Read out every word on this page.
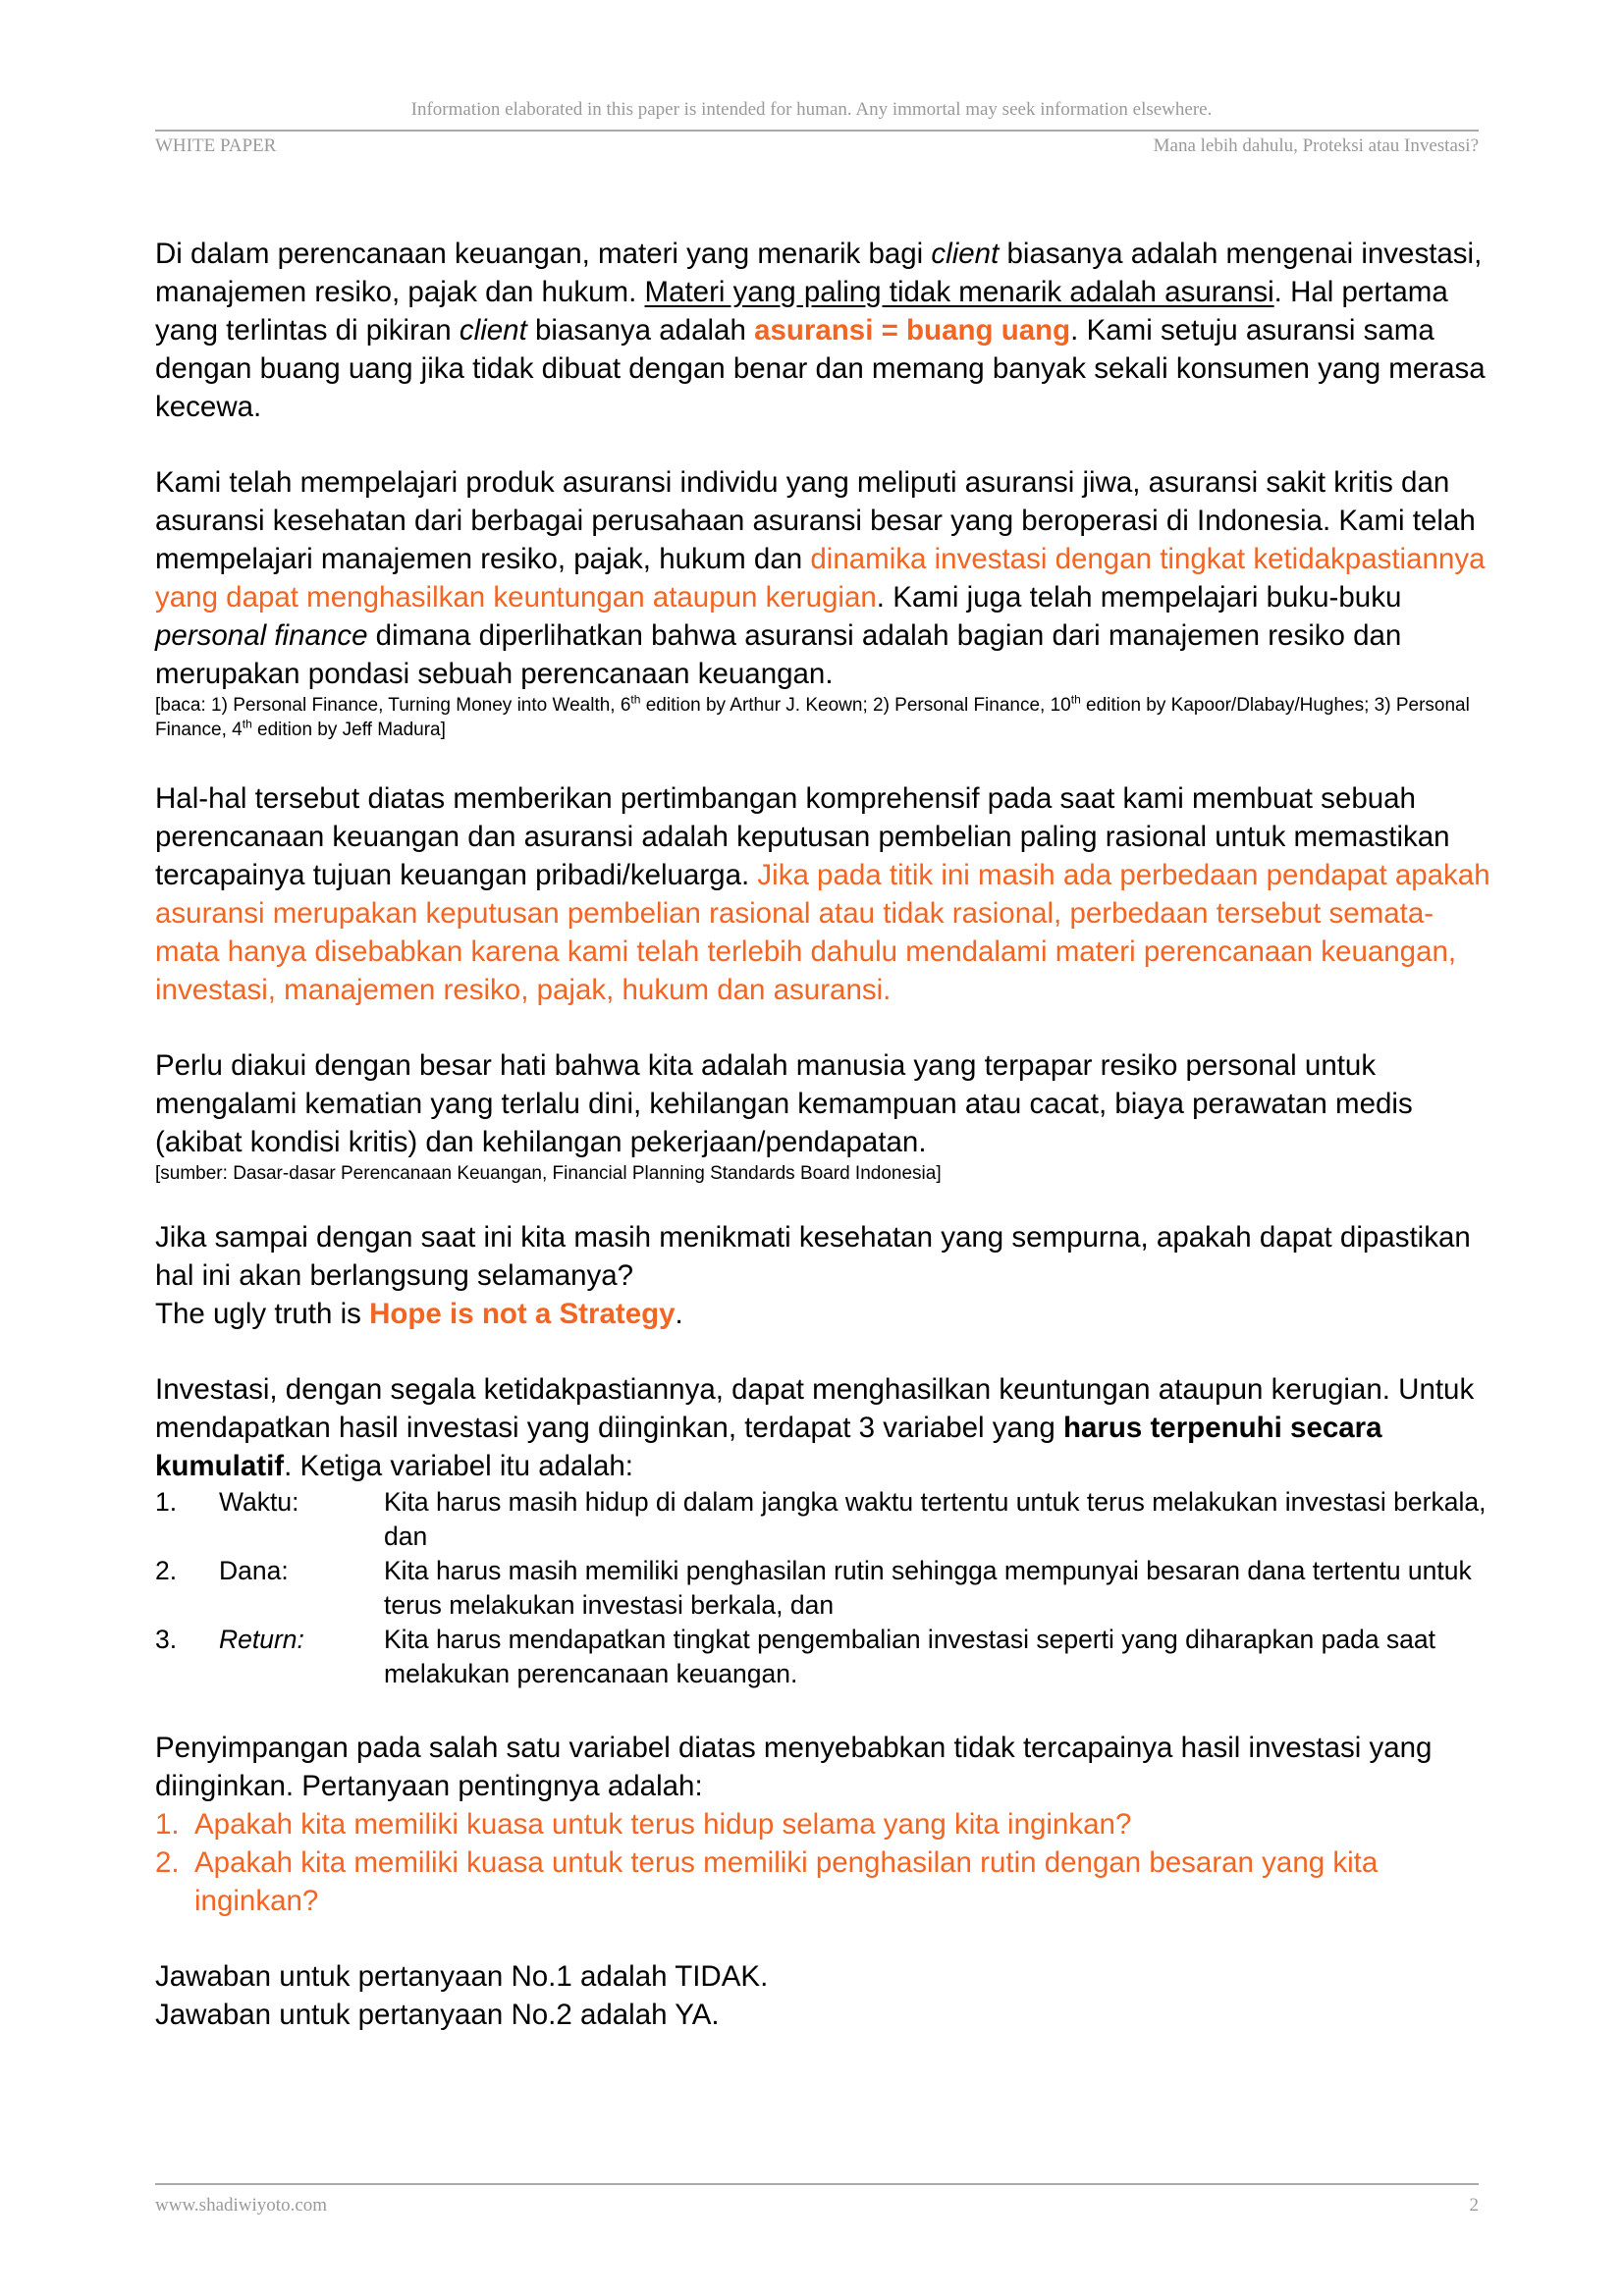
Information elaborated in this paper is intended for human. Any immortal may seek information elsewhere.
WHITE PAPER	Mana lebih dahulu, Proteksi atau Investasi?

Di dalam perencanaan keuangan, materi yang menarik bagi client biasanya adalah mengenai investasi, manajemen resiko, pajak dan hukum. Materi yang paling tidak menarik adalah asuransi. Hal pertama yang terlintas di pikiran client biasanya adalah asuransi = buang uang. Kami setuju asuransi sama dengan buang uang jika tidak dibuat dengan benar dan memang banyak sekali konsumen yang merasa kecewa.

Kami telah mempelajari produk asuransi individu yang meliputi asuransi jiwa, asuransi sakit kritis dan asuransi kesehatan dari berbagai perusahaan asuransi besar yang beroperasi di Indonesia. Kami telah mempelajari manajemen resiko, pajak, hukum dan dinamika investasi dengan tingkat ketidakpastiannya yang dapat menghasilkan keuntungan ataupun kerugian. Kami juga telah mempelajari buku-buku personal finance dimana diperlihatkan bahwa asuransi adalah bagian dari manajemen resiko dan merupakan pondasi sebuah perencanaan keuangan.

[baca: 1) Personal Finance, Turning Money into Wealth, 6th edition by Arthur J. Keown; 2) Personal Finance, 10th edition by Kapoor/Dlabay/Hughes; 3) Personal Finance, 4th edition by Jeff Madura]

Hal-hal tersebut diatas memberikan pertimbangan komprehensif pada saat kami membuat sebuah perencanaan keuangan dan asuransi adalah keputusan pembelian paling rasional untuk memastikan tercapainya tujuan keuangan pribadi/keluarga. Jika pada titik ini masih ada perbedaan pendapat apakah asuransi merupakan keputusan pembelian rasional atau tidak rasional, perbedaan tersebut semata-mata hanya disebabkan karena kami telah terlebih dahulu mendalami materi perencanaan keuangan, investasi, manajemen resiko, pajak, hukum dan asuransi.

Perlu diakui dengan besar hati bahwa kita adalah manusia yang terpapar resiko personal untuk mengalami kematian yang terlalu dini, kehilangan kemampuan atau cacat, biaya perawatan medis (akibat kondisi kritis) dan kehilangan pekerjaan/pendapatan.

[sumber: Dasar-dasar Perencanaan Keuangan, Financial Planning Standards Board Indonesia]

Jika sampai dengan saat ini kita masih menikmati kesehatan yang sempurna, apakah dapat dipastikan hal ini akan berlangsung selamanya?
The ugly truth is Hope is not a Strategy.

Investasi, dengan segala ketidakpastiannya, dapat menghasilkan keuntungan ataupun kerugian. Untuk mendapatkan hasil investasi yang diinginkan, terdapat 3 variabel yang harus terpenuhi secara kumulatif. Ketiga variabel itu adalah:

1. Waktu:	Kita harus masih hidup di dalam jangka waktu tertentu untuk terus melakukan investasi berkala, dan
2. Dana:	Kita harus masih memiliki penghasilan rutin sehingga mempunyai besaran dana tertentu untuk terus melakukan investasi berkala, dan
3. Return:	Kita harus mendapatkan tingkat pengembalian investasi seperti yang diharapkan pada saat melakukan perencanaan keuangan.

Penyimpangan pada salah satu variabel diatas menyebabkan tidak tercapainya hasil investasi yang diinginkan. Pertanyaan pentingnya adalah:

1. Apakah kita memiliki kuasa untuk terus hidup selama yang kita inginkan?
2. Apakah kita memiliki kuasa untuk terus memiliki penghasilan rutin dengan besaran yang kita inginkan?

Jawaban untuk pertanyaan No.1 adalah TIDAK.

Jawaban untuk pertanyaan No.2 adalah YA.

www.shadiwiyoto.com	2
